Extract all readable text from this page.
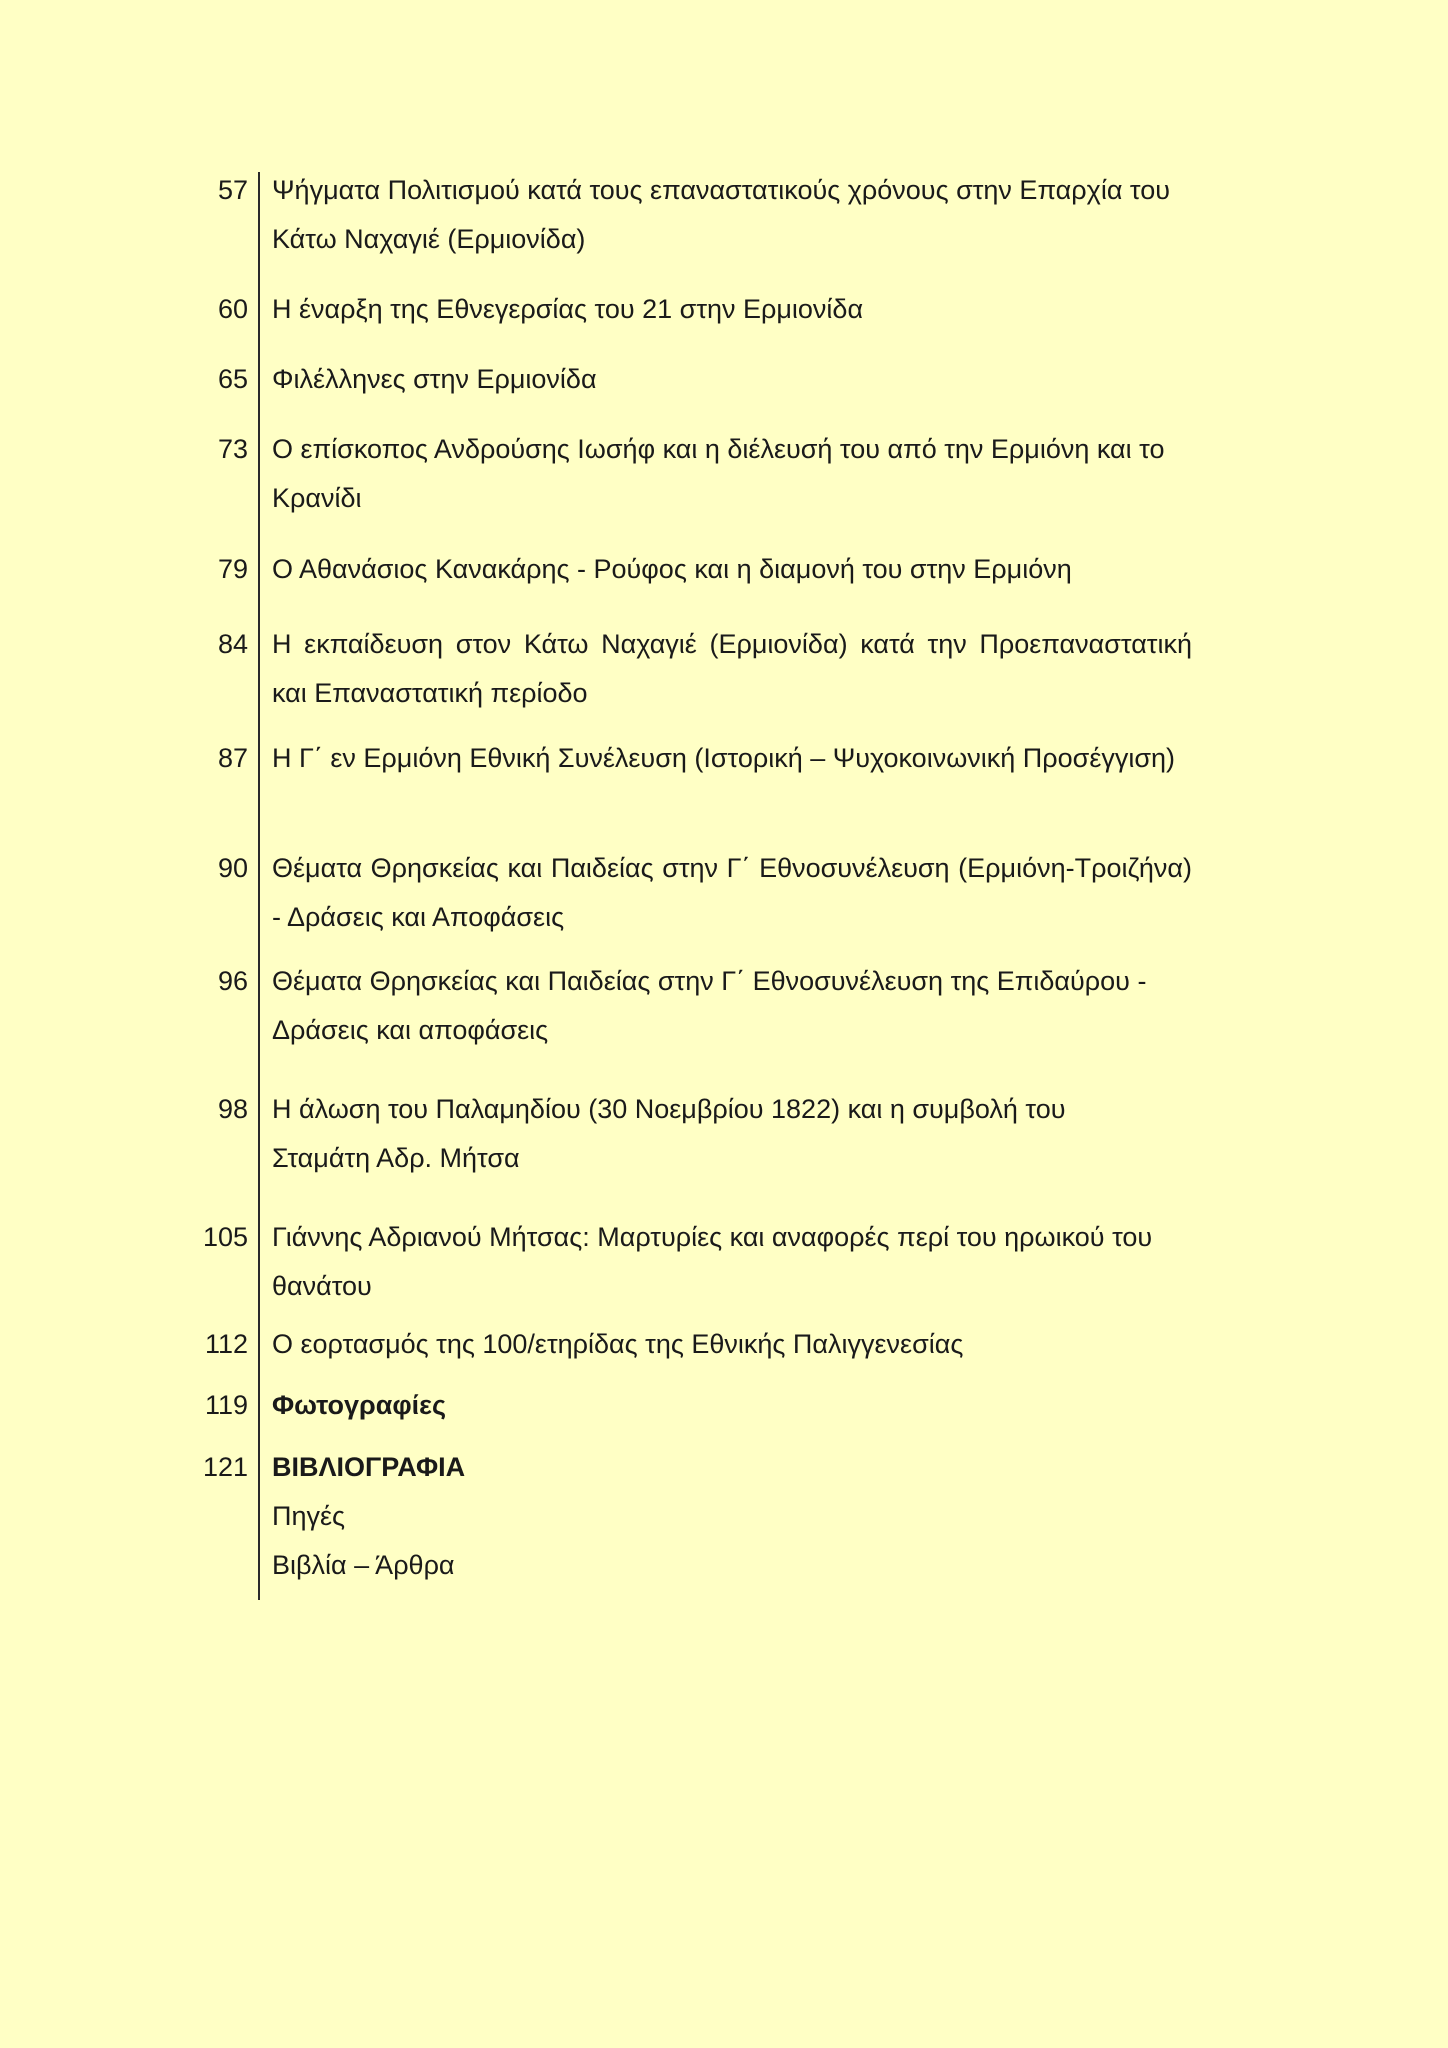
57 Ψήγματα Πολιτισμού κατά τους επαναστατικούς χρόνους στην Επαρχία του Κάτω Ναχαγιέ (Ερμιονίδα)
60 Η έναρξη της Εθνεγερσίας του 21 στην Ερμιονίδα
65 Φιλέλληνες στην Ερμιονίδα
73 Ο επίσκοπος Ανδρούσης Ιωσήφ και η διέλευσή του από την Ερμιόνη και το Κρανίδι
79 Ο Αθανάσιος Κανακάρης - Ρούφος και η διαμονή του στην Ερμιόνη
84 Η εκπαίδευση στον Κάτω Ναχαγιέ (Ερμιονίδα) κατά την Προεπαναστατική και Επαναστατική περίοδο
87 Η Γ΄ εν Ερμιόνη Εθνική Συνέλευση (Ιστορική – Ψυχοκοινωνική Προσέγγιση)
90 Θέματα Θρησκείας και Παιδείας στην Γ΄ Εθνοσυνέλευση (Ερμιόνη-Τροιζήνα) - Δράσεις και Αποφάσεις
96 Θέματα Θρησκείας και Παιδείας στην Γ΄ Εθνοσυνέλευση της Επιδαύρου - Δράσεις και αποφάσεις
98 Η άλωση του Παλαμηδίου (30 Νοεμβρίου 1822) και η συμβολή του Σταμάτη Αδρ. Μήτσα
105 Γιάννης Αδριανού Μήτσας: Μαρτυρίες και αναφορές περί του ηρωικού του θανάτου
112 Ο εορτασμός της 100/ετηρίδας της Εθνικής Παλιγγενεσίας
119 Φωτογραφίες
121 ΒΙΒΛΙΟΓΡΑΦΙΑ
Πηγές
Βιβλία – Άρθρα
